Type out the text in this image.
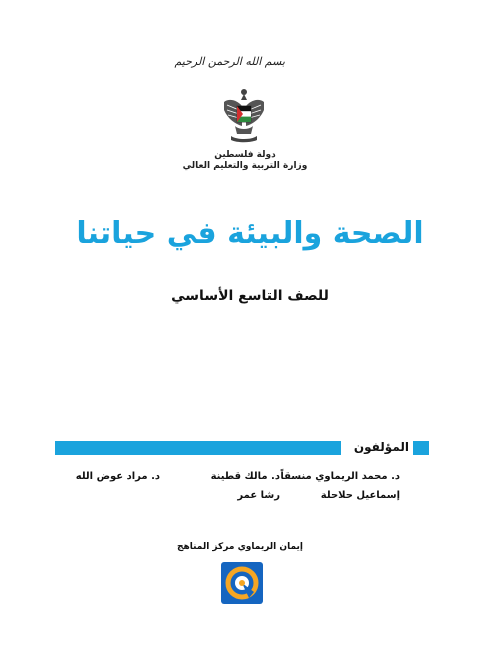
بسم الله الرحمن الرحيم
دولة فلسطين
وزارة التربية والتعليم العالي
الصحة والبيئة في حياتنا
للصف التاسع الأساسي
المؤلفون
د. محمد الريماوي منسقاً
د. مالك قطينة
د. مراد عوض الله
إسماعيل حلاحلة
رشا عمر
إيمان الريماوي مركز المناهج
